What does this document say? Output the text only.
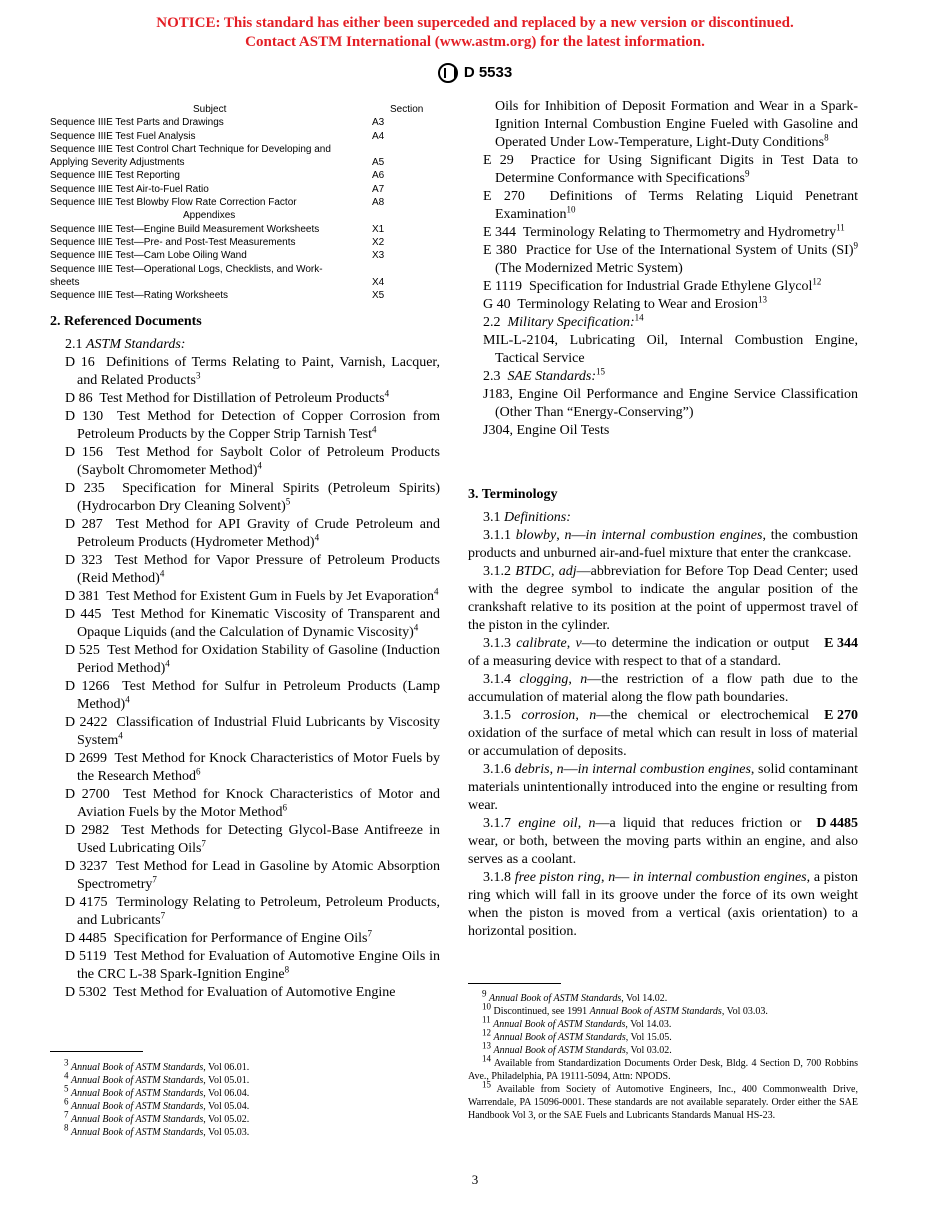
NOTICE: This standard has either been superceded and replaced by a new version or discontinued.
Contact ASTM International (www.astm.org) for the latest information.
D 5533
Subject	Section
Sequence IIIE Test Parts and Drawings	A3
Sequence IIIE Test Fuel Analysis	A4
Sequence IIIE Test Control Chart Technique for Developing and
Applying Severity Adjustments	A5
Sequence IIIE Test Reporting	A6
Sequence IIIE Test Air-to-Fuel Ratio	A7
Sequence IIIE Test Blowby Flow Rate Correction Factor	A8
Appendixes
Sequence IIIE Test—Engine Build Measurement Worksheets	X1
Sequence IIIE Test—Pre- and Post-Test Measurements	X2
Sequence IIIE Test—Cam Lobe Oiling Wand	X3
Sequence IIIE Test—Operational Logs, Checklists, and Work-
sheets	X4
Sequence IIIE Test—Rating Worksheets	X5
2. Referenced Documents
2.1 ASTM Standards:
D 16 Definitions of Terms Relating to Paint, Varnish, Lacquer, and Related Products$^3$
D 86 Test Method for Distillation of Petroleum Products$^4$
D 130 Test Method for Detection of Copper Corrosion from Petroleum Products by the Copper Strip Tarnish Test$^4$
D 156 Test Method for Saybolt Color of Petroleum Products (Saybolt Chromometer Method)$^4$
D 235 Specification for Mineral Spirits (Petroleum Spirits) (Hydrocarbon Dry Cleaning Solvent)$^5$
D 287 Test Method for API Gravity of Crude Petroleum and Petroleum Products (Hydrometer Method)$^4$
D 323 Test Method for Vapor Pressure of Petroleum Products (Reid Method)$^4$
D 381 Test Method for Existent Gum in Fuels by Jet Evaporation$^4$
D 445 Test Method for Kinematic Viscosity of Transparent and Opaque Liquids (and the Calculation of Dynamic Viscosity)$^4$
D 525 Test Method for Oxidation Stability of Gasoline (Induction Period Method)$^4$
D 1266 Test Method for Sulfur in Petroleum Products (Lamp Method)$^4$
D 2422 Classification of Industrial Fluid Lubricants by Viscosity System$^4$
D 2699 Test Method for Knock Characteristics of Motor Fuels by the Research Method$^6$
D 2700 Test Method for Knock Characteristics of Motor and Aviation Fuels by the Motor Method$^6$
D 2982 Test Methods for Detecting Glycol-Base Antifreeze in Used Lubricating Oils$^7$
D 3237 Test Method for Lead in Gasoline by Atomic Absorption Spectrometry$^7$
D 4175 Terminology Relating to Petroleum, Petroleum Products, and Lubricants$^7$
D 4485 Specification for Performance of Engine Oils$^7$
D 5119 Test Method for Evaluation of Automotive Engine Oils in the CRC L-38 Spark-Ignition Engine$^8$
D 5302 Test Method for Evaluation of Automotive Engine
Oils for Inhibition of Deposit Formation and Wear in a Spark-Ignition Internal Combustion Engine Fueled with Gasoline and Operated Under Low-Temperature, Light-Duty Conditions$^8$
E 29 Practice for Using Significant Digits in Test Data to Determine Conformance with Specifications$^9$
E 270 Definitions of Terms Relating Liquid Penetrant Examination$^{10}$
E 344 Terminology Relating to Thermometry and Hydrometry$^{11}$
E 380 Practice for Use of the International System of Units (SI)$^9$ (The Modernized Metric System)
E 1119 Specification for Industrial Grade Ethylene Glycol$^{12}$
G 40 Terminology Relating to Wear and Erosion$^{13}$
2.2 Military Specification:$^{14}$
MIL-L-2104, Lubricating Oil, Internal Combustion Engine, Tactical Service
2.3 SAE Standards:$^{15}$
J183, Engine Oil Performance and Engine Service Classification (Other Than “Energy-Conserving”)
J304, Engine Oil Tests
3. Terminology
3.1 Definitions:
3.1.1 blowby, n—in internal combustion engines, the combustion products and unburned air-and-fuel mixture that enter the crankcase.
3.1.2 BTDC, adj—abbreviation for Before Top Dead Center; used with the degree symbol to indicate the angular position of the crankshaft relative to its position at the point of uppermost travel of the piston in the cylinder.
E 344
3.1.3 calibrate, v—to determine the indication or output of a measuring device with respect to that of a standard.
3.1.4 clogging, n—the restriction of a flow path due to the accumulation of material along the flow path boundaries.
E 270
3.1.5 corrosion, n—the chemical or electrochemical oxidation of the surface of metal which can result in loss of material or accumulation of deposits.
3.1.6 debris, n—in internal combustion engines, solid contaminant materials unintentionally introduced into the engine or resulting from wear.
D 4485
3.1.7 engine oil, n—a liquid that reduces friction or wear, or both, between the moving parts within an engine, and also serves as a coolant.
3.1.8 free piston ring, n— in internal combustion engines, a piston ring which will fall in its groove under the force of its own weight when the piston is moved from a vertical (axis orientation) to a horizontal position.
$^3$ Annual Book of ASTM Standards, Vol 06.01.
$^4$ Annual Book of ASTM Standards, Vol 05.01.
$^5$ Annual Book of ASTM Standards, Vol 06.04.
$^6$ Annual Book of ASTM Standards, Vol 05.04.
$^7$ Annual Book of ASTM Standards, Vol 05.02.
$^8$ Annual Book of ASTM Standards, Vol 05.03.
$^9$ Annual Book of ASTM Standards, Vol 14.02.
$^{10}$ Discontinued, see 1991 Annual Book of ASTM Standards, Vol 03.03.
$^{11}$ Annual Book of ASTM Standards, Vol 14.03.
$^{12}$ Annual Book of ASTM Standards, Vol 15.05.
$^{13}$ Annual Book of ASTM Standards, Vol 03.02.
$^{14}$ Available from Standardization Documents Order Desk, Bldg. 4 Section D, 700 Robbins Ave., Philadelphia, PA 19111-5094, Attn: NPODS.
$^{15}$ Available from Society of Automotive Engineers, Inc., 400 Commonwealth Drive, Warrendale, PA 15096-0001. These standards are not available separately. Order either the SAE Handbook Vol 3, or the SAE Fuels and Lubricants Standards Manual HS-23.
3
